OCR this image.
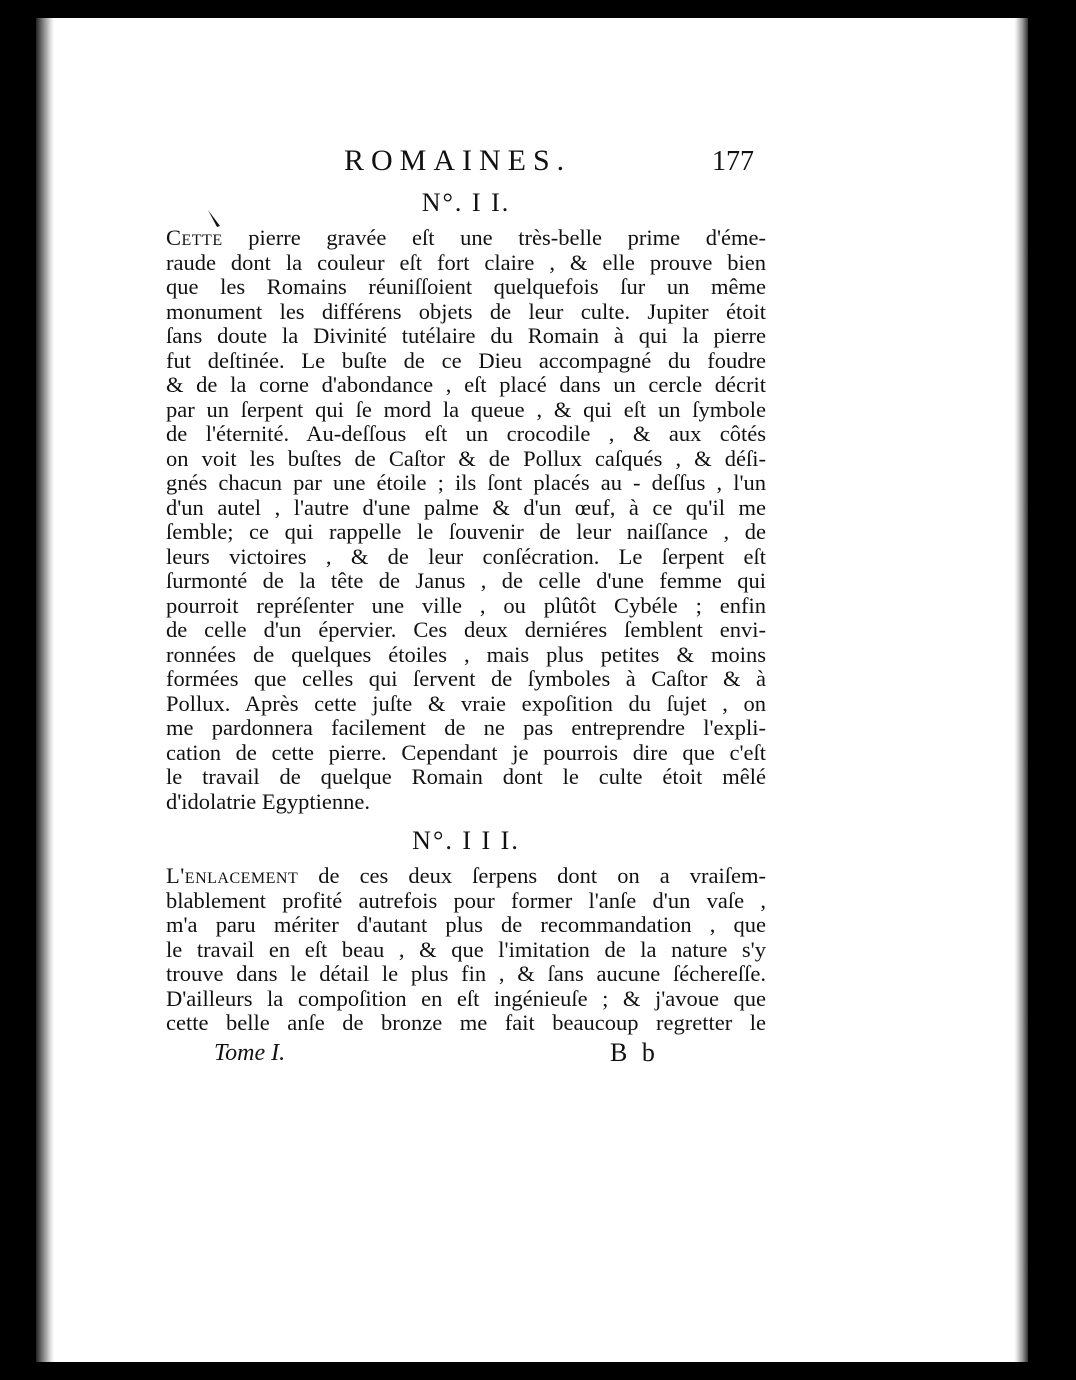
ROMAINES.	177
N°. I I.
Cette pierre gravée eſt une très-belle prime d'éme-
raude dont la couleur eſt fort claire , & elle prouve bien
que les Romains réuniſſoient quelquefois ſur un même
monument les différens objets de leur culte. Jupiter étoit
ſans doute la Divinité tutélaire du Romain à qui la pierre
fut deſtinée. Le buſte de ce Dieu accompagné du foudre
& de la corne d'abondance , eſt placé dans un cercle décrit
par un ſerpent qui ſe mord la queue , & qui eſt un ſymbole
de l'éternité. Au-deſſous eſt un crocodile , & aux côtés
on voit les buſtes de Caſtor & de Pollux caſqués , & déſi-
gnés chacun par une étoile ; ils ſont placés au - deſſus , l'un
d'un autel , l'autre d'une palme & d'un œuf, à ce qu'il me
ſemble; ce qui rappelle le ſouvenir de leur naiſſance , de
leurs victoires , & de leur conſécration. Le ſerpent eſt
ſurmonté de la tête de Janus , de celle d'une femme qui
pourroit repréſenter une ville , ou plûtôt Cybéle ; enfin
de celle d'un épervier. Ces deux derniéres ſemblent envi-
ronnées de quelques étoiles , mais plus petites & moins
formées que celles qui ſervent de ſymboles à Caſtor & à
Pollux. Après cette juſte & vraie expoſition du ſujet , on
me pardonnera facilement de ne pas entreprendre l'expli-
cation de cette pierre. Cependant je pourrois dire que c'eſt
le travail de quelque Romain dont le culte étoit mêlé
d'idolatrie Egyptienne.
N°. I I I.
L'enlacement de ces deux ſerpens dont on a vraiſem-
blablement profité autrefois pour former l'anſe d'un vaſe ,
m'a paru mériter d'autant plus de recommandation , que
le travail en eſt beau , & que l'imitation de la nature s'y
trouve dans le détail le plus fin , & ſans aucune ſéchereſſe.
D'ailleurs la compoſition en eſt ingénieuſe ; & j'avoue que
cette belle anſe de bronze me fait beaucoup regretter le
Tome I.	B b
